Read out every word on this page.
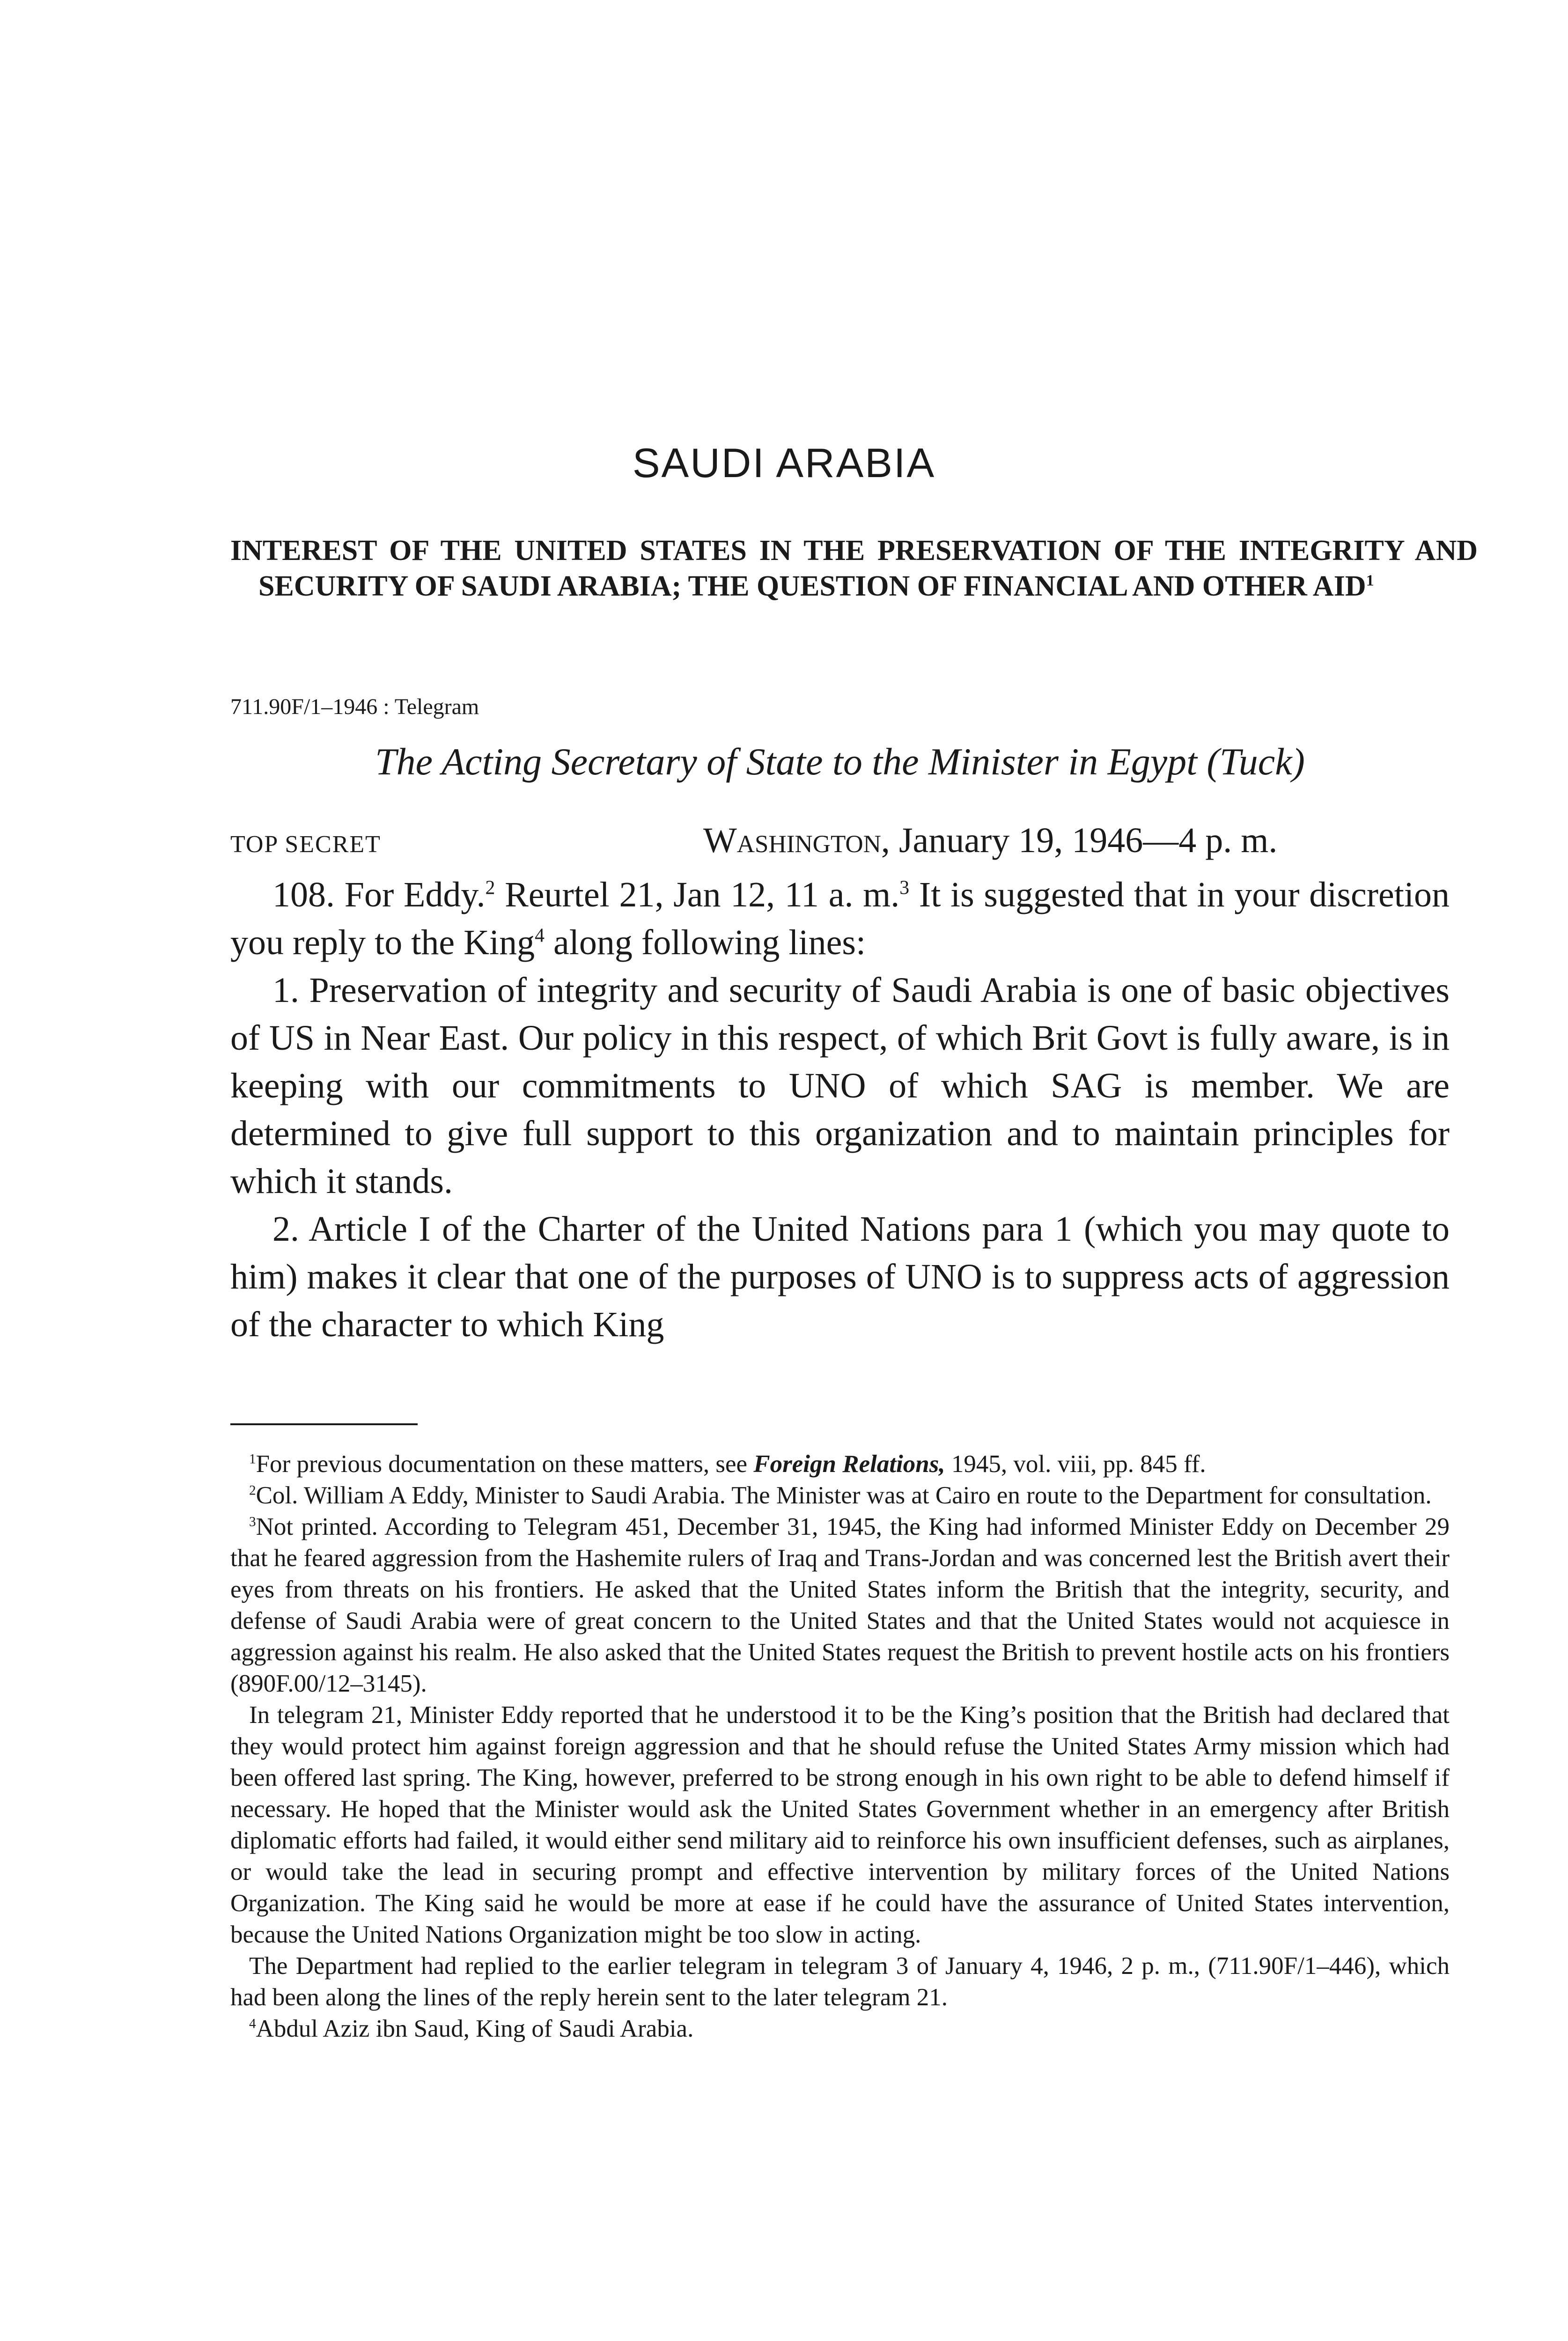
SAUDI ARABIA
INTEREST OF THE UNITED STATES IN THE PRESERVATION OF THE INTEGRITY AND SECURITY OF SAUDI ARABIA; THE QUESTION OF FINANCIAL AND OTHER AID$^1$
711.90F/1–1946 : Telegram
The Acting Secretary of State to the Minister in Egypt (Tuck)
TOP SECRET	Washington, January 19, 1946—4 p. m.

108. For Eddy.$^2$ Reurtel 21, Jan 12, 11 a. m.$^3$ It is suggested that in your discretion you reply to the King$^4$ along following lines:

1. Preservation of integrity and security of Saudi Arabia is one of basic objectives of US in Near East. Our policy in this respect, of which Brit Govt is fully aware, is in keeping with our commitments to UNO of which SAG is member. We are determined to give full support to this organization and to maintain principles for which it stands.

2. Article I of the Charter of the United Nations para 1 (which you may quote to him) makes it clear that one of the purposes of UNO is to suppress acts of aggression of the character to which King

$^1$For previous documentation on these matters, see Foreign Relations, 1945, vol. viii, pp. 845 ff.

$^2$Col. William A Eddy, Minister to Saudi Arabia. The Minister was at Cairo en route to the Department for consultation.

$^3$Not printed. According to Telegram 451, December 31, 1945, the King had informed Minister Eddy on December 29 that he feared aggression from the Hashemite rulers of Iraq and Trans-Jordan and was concerned lest the British avert their eyes from threats on his frontiers. He asked that the United States inform the British that the integrity, security, and defense of Saudi Arabia were of great concern to the United States and that the United States would not acquiesce in aggression against his realm. He also asked that the United States request the British to prevent hostile acts on his frontiers (890F.00/12–3145).

In telegram 21, Minister Eddy reported that he understood it to be the King’s position that the British had declared that they would protect him against foreign aggression and that he should refuse the United States Army mission which had been offered last spring. The King, however, preferred to be strong enough in his own right to be able to defend himself if necessary. He hoped that the Minister would ask the United States Government whether in an emergency after British diplomatic efforts had failed, it would either send military aid to reinforce his own insufficient defenses, such as airplanes, or would take the lead in securing prompt and effective intervention by military forces of the United Nations Organization. The King said he would be more at ease if he could have the assurance of United States intervention, because the United Nations Organization might be too slow in acting.

The Department had replied to the earlier telegram in telegram 3 of January 4, 1946, 2 p. m., (711.90F/1–446), which had been along the lines of the reply herein sent to the later telegram 21.

$^4$Abdul Aziz ibn Saud, King of Saudi Arabia.
